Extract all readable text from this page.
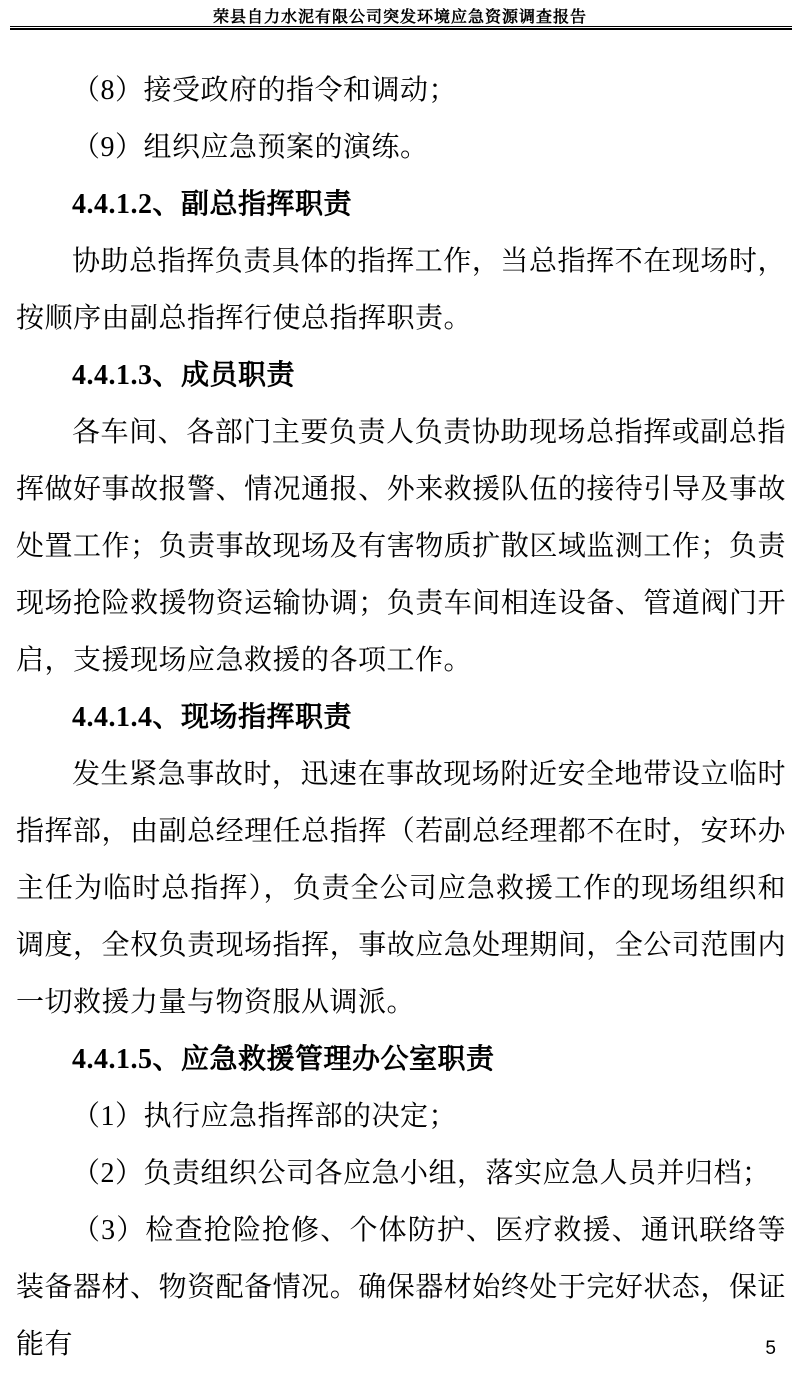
荣县自力水泥有限公司突发环境应急资源调查报告

（8）接受政府的指令和调动；

（9）组织应急预案的演练。

4.4.1.2、副总指挥职责

协助总指挥负责具体的指挥工作，当总指挥不在现场时，按顺序由副总指挥行使总指挥职责。

4.4.1.3、成员职责

各车间、各部门主要负责人负责协助现场总指挥或副总指挥做好事故报警、情况通报、外来救援队伍的接待引导及事故处置工作；负责事故现场及有害物质扩散区域监测工作；负责现场抢险救援物资运输协调；负责车间相连设备、管道阀门开启，支援现场应急救援的各项工作。

4.4.1.4、现场指挥职责

发生紧急事故时，迅速在事故现场附近安全地带设立临时指挥部，由副总经理任总指挥（若副总经理都不在时，安环办主任为临时总指挥），负责全公司应急救援工作的现场组织和调度，全权负责现场指挥，事故应急处理期间，全公司范围内一切救援力量与物资服从调派。

4.4.1.5、应急救援管理办公室职责

（1）执行应急指挥部的决定；

（2）负责组织公司各应急小组，落实应急人员并归档；

（3）检查抢险抢修、个体防护、医疗救援、通讯联络等装备器材、物资配备情况。确保器材始终处于完好状态，保证能有	5
